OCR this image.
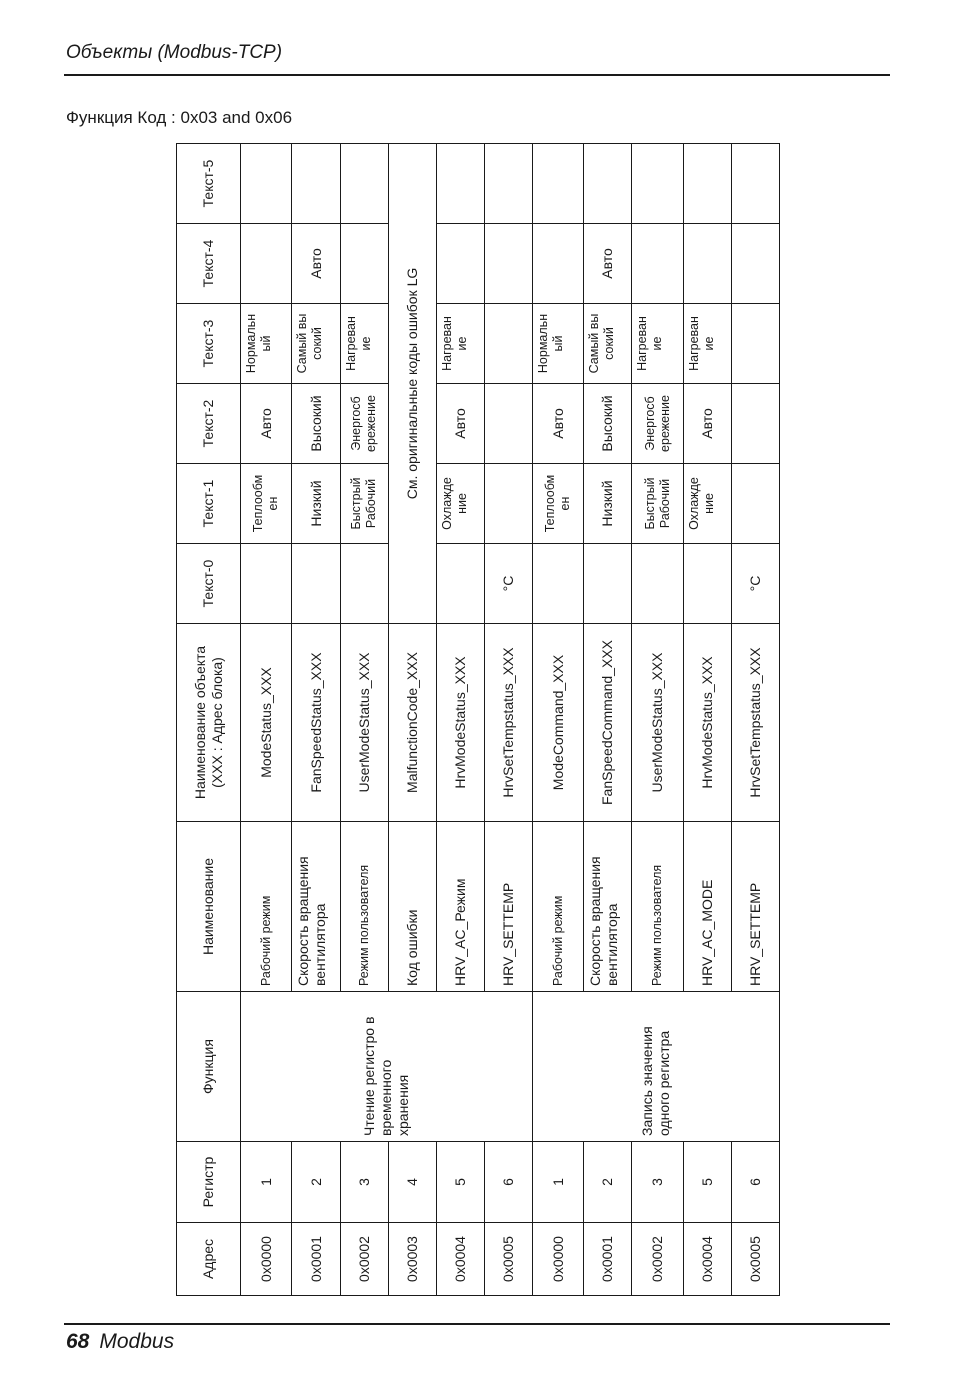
Объекты (Modbus-TCP)
Функция Код : 0x03 and 0x06
Адрес	Регистр	Функция	Наименование	Наименование объекта (XXX : Адрес блока)	Текст-0	Текст-1	Текст-2	Текст-3	Текст-4	Текст-5
0x0000	1	Чтение регистро в временного хранения	Рабочий режим	ModeStatus_XXX		Теплообм ен	Авто	Нормальн ый		
0x0001	2		Скорость вращения вентилятора	FanSpeedStatus_XXX		Низкий	Высокий	Самый вы сокий	Авто	
0x0002	3		Режим пользователя	UserModeStatus_XXX		Быстрый Рабочий	Энергосб ережение	Нагреван ие		
0x0003	4		Код ошибки	MalfunctionCode_XXX	См. оригинальные коды ошибок LG					
0x0004	5		HRV_AC_Режим	HrvModeStatus_XXX		Охлажде ние	Авто	Нагреван ие		
0x0005	6		HRV_SETTEMP	HrvSetTempstatus_XXX	°C					
0x0000	1	Запись значения одного регистра	Рабочий режим	ModeCommand_XXX		Теплообм ен	Авто	Нормальн ый		
0x0001	2		Скорость вращения вентилятора	FanSpeedCommand_XXX		Низкий	Высокий	Самый вы сокий	Авто	
0x0002	3		Режим пользователя	UserModeStatus_XXX		Быстрый Рабочий	Энергосб ережение	Нагреван ие		
0x0004	5		HRV_AC_MODE	HrvModeStatus_XXX		Охлажде ние	Авто	Нагреван ие		
0x0005	6		HRV_SETTEMP	HrvSetTempstatus_XXX	°C					
68 Modbus
